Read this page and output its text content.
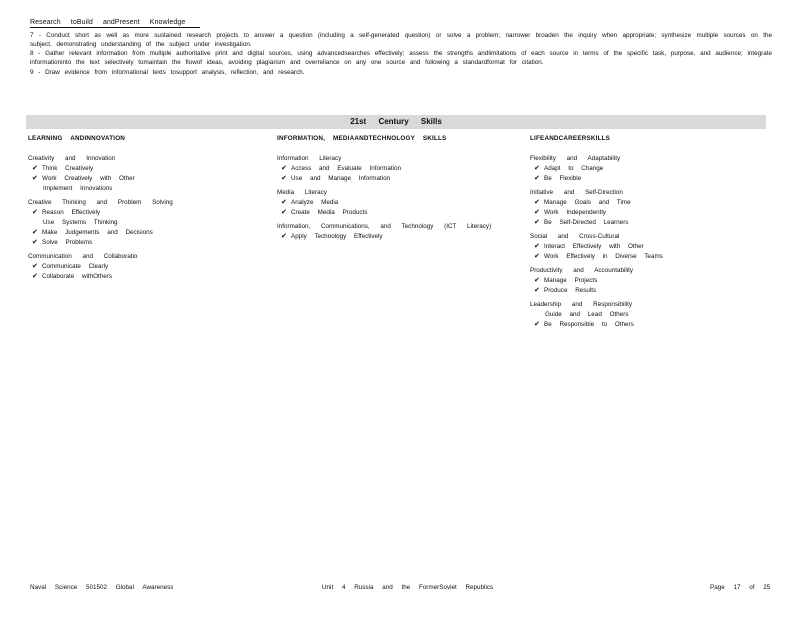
Research toBuild andPresent Knowledge

7 - Conduct short as well as more sustained research projects to answer a question (including a self-generated question) or solve a problem; narrower broaden the inquiry when appropriate; synthesize multiple sources on the subject, demonstrating understanding of the subject under investigation.

8 - Gather relevant information from multiple authoritative print and digital sources, using advancedsearches effectively; assess the strengths andlimitations of each source in terms of the specific task, purpose, and audience; integrate informationinto the text selectively tomaintain the flowof ideas, avoiding plagiarism and overreliance on any one source and following a standardformat for citation.

9 - Draw evidence from informational texts tosupport analysis, reflection, and research.

21st Century Skills
LEARNING ANDINNOVATION
Creativity and Innovation
✔ Think Creatively
✔ Work Creatively with Other
Implement Innovations
Creative Thinking and Problem Solving
✔ Reason Effectively
Use Systems Thinking
✔ Make Judgements and Decisions
✔ Solve Problems
Communication and Collaboratio
✔ Communicate Clearly
✔ Collaborate withOthers
INFORMATION, MEDIAANDTECHNOLOGY SKILLS
Information Literacy
✔ Access and Evaluate Information
✔ Use and Manage Information
Media Literacy
✔ Analyze Media
✔ Create Media Products
Information, Communications, and Technology (ICT Literacy)
✔ Apply Technology Effectively
LIFEANDCAREERSKILLS
Flexibility and Adaptability
✔ Adapt to Change
✔ Be Flexible
Initiative and Self-Direction
✔ Manage Goals and Time
✔ Work Independently
✔ Be Self-Directed Learners
Social and Cross-Cultural
✔ Interact Effectively with Other
✔ Work Effectively in Diverse Teams
Productivity and Accountability
✔ Manage Projects
✔ Produce Results
Leadership and Responsibility
Guide and Lead Others
✔ Be Responsible to Others
Naval Science 501502 Global Awareness	Unit 4 Russia and the FormerSoviet Republics	Page 17 of 25
